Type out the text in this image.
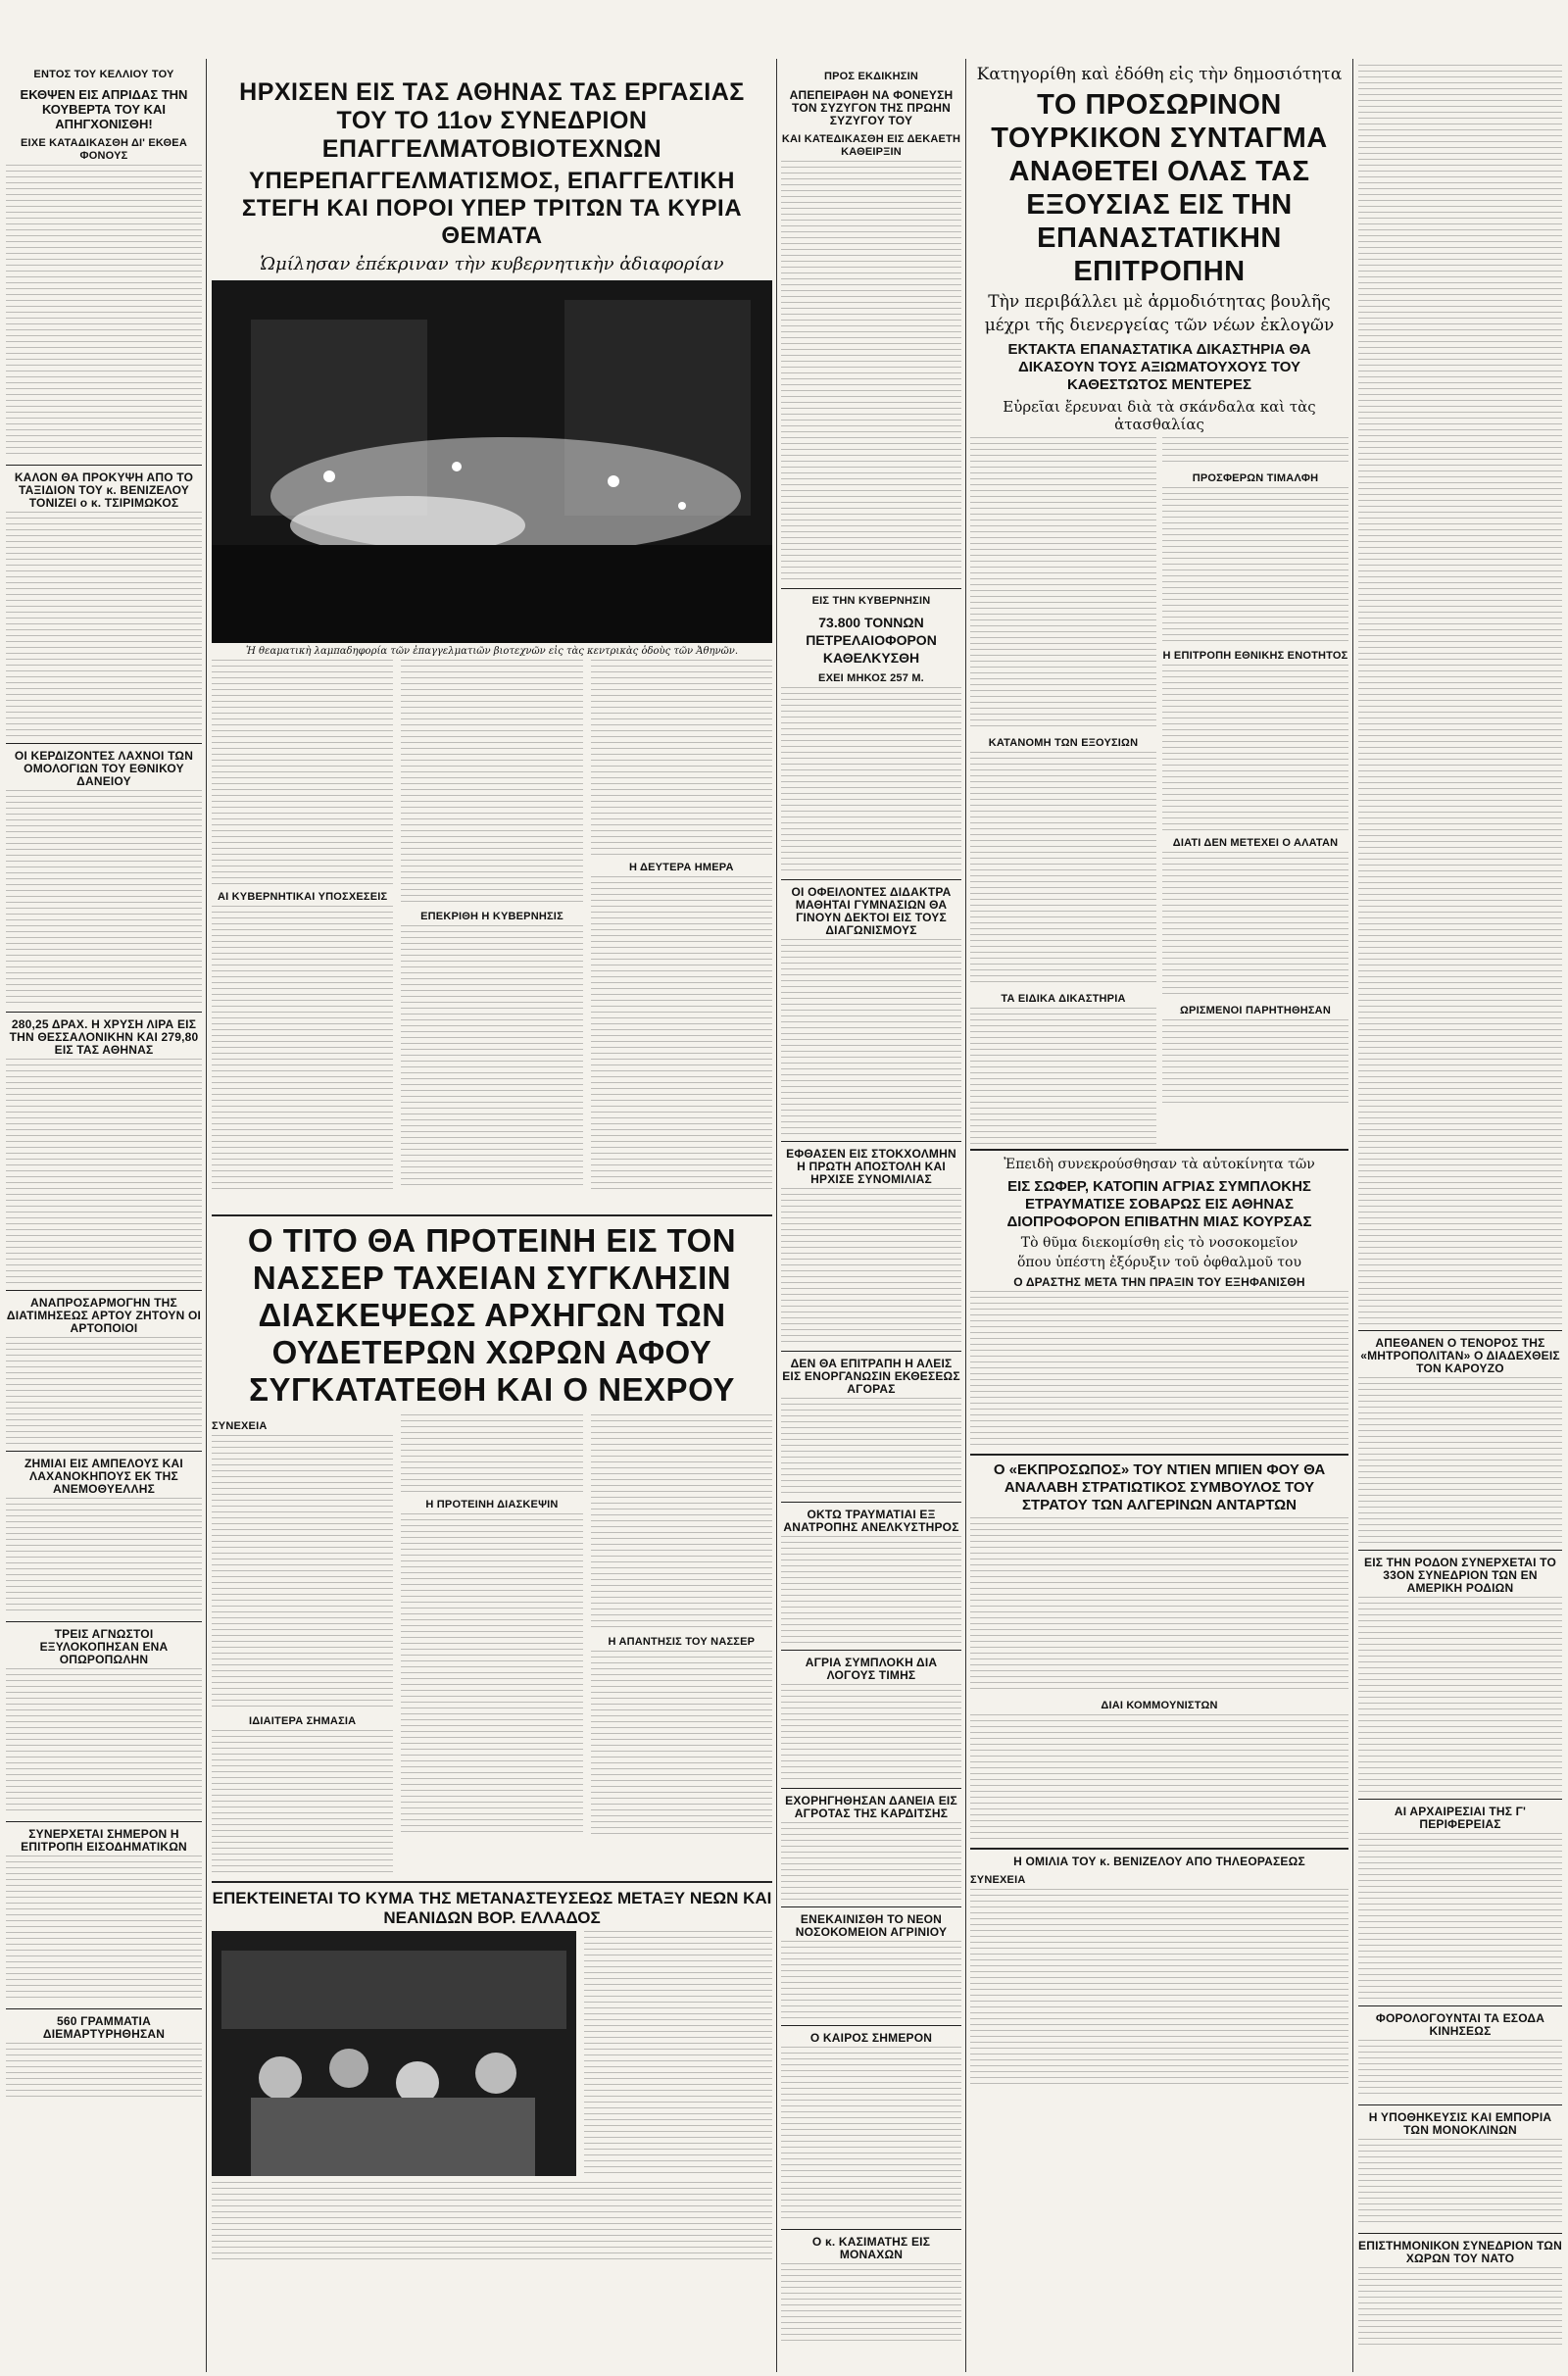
ΕΝΤΟΣ ΤΟΥ ΚΕΛΛΙΟΥ ΤΟΥ
ΕΚΘΨΕΝ ΕΙΣ ΑΠΡΙΔΑΣ ΤΗΝ ΚΟΥΒΕΡΤΑ ΤΟΥ ΚΑΙ ΑΠΗΓΧΟΝΙΣΘΗ!
ΕΙΧΕ ΚΑΤΑΔΙΚΑΣΘΗ ΔΙ' ΕΚΘΕΑ ΦΟΝΟΥΣ
ΚΑΛΟΝ ΘΑ ΠΡΟΚΥΨΗ ΑΠΟ ΤΟ ΤΑΞΙΔΙΟΝ ΤΟΥ κ. ΒΕΝΙΖΕΛΟΥ ΤΟΝΙΖΕΙ ο κ. ΤΣΙΡΙΜΩΚΟΣ
ΟΙ ΚΕΡΔΙΖΟΝΤΕΣ ΛΑΧΝΟΙ ΤΩΝ ΟΜΟΛΟΓΙΩΝ ΤΟΥ ΕΘΝΙΚΟΥ ΔΑΝΕΙΟΥ
280,25 ΔΡΑΧ. Η ΧΡΥΣΗ ΛΙΡΑ ΕΙΣ ΤΗΝ ΘΕΣΣΑΛΟΝΙΚΗΝ ΚΑΙ 279,80 ΕΙΣ ΤΑΣ ΑΘΗΝΑΣ
ΑΝΑΠΡΟΣΑΡΜΟΓΗΝ ΤΗΣ ΔΙΑΤΙΜΗΣΕΩΣ ΑΡΤΟΥ ΖΗΤΟΥΝ ΟΙ ΑΡΤΟΠΟΙΟΙ
ΖΗΜΙΑΙ ΕΙΣ ΑΜΠΕΛΟΥΣ ΚΑΙ ΛΑΧΑΝΟΚΗΠΟΥΣ ΕΚ ΤΗΣ ΑΝΕΜΟΘΥΕΛΛΗΣ
ΤΡΕΙΣ ΑΓΝΩΣΤΟΙ ΕΞΥΛΟΚΟΠΗΣΑΝ ΕΝΑ ΟΠΩΡΟΠΩΛΗΝ
ΣΥΝΕΡΧΕΤΑΙ ΣΗΜΕΡΟΝ Η ΕΠΙΤΡΟΠΗ ΕΙΣΟΔΗΜΑΤΙΚΩΝ
560 ΓΡΑΜΜΑΤΙΑ ΔΙΕΜΑΡΤΥΡΗΘΗΣΑΝ
ΗΡΧΙΣΕΝ ΕΙΣ ΤΑΣ ΑΘΗΝΑΣ ΤΑΣ ΕΡΓΑΣΙΑΣ ΤΟΥ ΤΟ 11ον ΣΥΝΕΔΡΙΟΝ ΕΠΑΓΓΕΛΜΑΤΟΒΙΟΤΕΧΝΩΝ
ΥΠΕΡΕΠΑΓΓΕΛΜΑΤΙΣΜΟΣ, ΕΠΑΓΓΕΛΤΙΚΗ ΣΤΕΓΗ ΚΑΙ ΠΟΡΟΙ ΥΠΕΡ ΤΡΙΤΩΝ ΤΑ ΚΥΡΙΑ ΘΕΜΑΤΑ
Ὡμίλησαν ἐπέκριναν τὴν κυβερνητικὴν ἀδιαφορίαν
Ἡ θεαματικὴ λαμπαδηφορία τῶν ἐπαγγελματιῶν βιοτεχνῶν εἰς τὰς κεντρικὰς ὁδοὺς τῶν Ἀθηνῶν.
ΑΙ ΚΥΒΕΡΝΗΤΙΚΑΙ ΥΠΟΣΧΕΣΕΙΣ
ΕΠΕΚΡΙΘΗ Η ΚΥΒΕΡΝΗΣΙΣ
Η ΔΕΥΤΕΡΑ ΗΜΕΡΑ
Ο ΤΙΤΟ ΘΑ ΠΡΟΤΕΙΝΗ ΕΙΣ ΤΟΝ ΝΑΣΣΕΡ ΤΑΧΕΙΑΝ ΣΥΓΚΛΗΣΙΝ ΔΙΑΣΚΕΨΕΩΣ ΑΡΧΗΓΩΝ ΤΩΝ ΟΥΔΕΤΕΡΩΝ ΧΩΡΩΝ ΑΦΟΥ ΣΥΓΚΑΤΑΤΕΘΗ ΚΑΙ Ο ΝΕΧΡΟΥ
ΣΥΝΕΧΕΙΑ
ΙΔΙΑΙΤΕΡΑ ΣΗΜΑΣΙΑ
Η ΠΡΟΤΕΙΝΗ ΔΙΑΣΚΕΨΙΝ
Η ΑΠΑΝΤΗΣΙΣ ΤΟΥ ΝΑΣΣΕΡ
ΕΠΕΚΤΕΙΝΕΤΑΙ ΤΟ ΚΥΜΑ ΤΗΣ ΜΕΤΑΝΑΣΤΕΥΣΕΩΣ ΜΕΤΑΞΥ ΝΕΩΝ ΚΑΙ ΝΕΑΝΙΔΩΝ ΒΟΡ. ΕΛΛΑΔΟΣ
ΠΡΟΣ ΕΚΔΙΚΗΣΙΝ
ΑΠΕΠΕΙΡΑΘΗ ΝΑ ΦΟΝΕΥΣΗ ΤΟΝ ΣΥΖΥΓΟΝ ΤΗΣ ΠΡΩΗΝ ΣΥΖΥΓΟΥ ΤΟΥ
ΚΑΙ ΚΑΤΕΔΙΚΑΣΘΗ ΕΙΣ ΔΕΚΑΕΤΗ ΚΑΘΕΙΡΞΙΝ
ΕΙΣ ΤΗΝ ΚΥΒΕΡΝΗΣΙΝ
73.800 ΤΟΝΝΩΝ ΠΕΤΡΕΛΑΙΟΦΟΡΟΝ ΚΑΘΕΛΚΥΣΘΗ
ΕΧΕΙ ΜΗΚΟΣ 257 Μ.
ΟΙ ΟΦΕΙΛΟΝΤΕΣ ΔΙΔΑΚΤΡΑ ΜΑΘΗΤΑΙ ΓΥΜΝΑΣΙΩΝ ΘΑ ΓΙΝΟΥΝ ΔΕΚΤΟΙ ΕΙΣ ΤΟΥΣ ΔΙΑΓΩΝΙΣΜΟΥΣ
ΕΦΘΑΣΕΝ ΕΙΣ ΣΤΟΚΧΟΛΜΗΝ Η ΠΡΩΤΗ ΑΠΟΣΤΟΛΗ ΚΑΙ ΗΡΧΙΣΕ ΣΥΝΟΜΙΛΙΑΣ
ΔΕΝ ΘΑ ΕΠΙΤΡΑΠΗ Η ΑΛΕΙΣ ΕΙΣ ΕΝΟΡΓΑΝΩΣΙΝ ΕΚΘΕΣΕΩΣ ΑΓΟΡΑΣ
ΟΚΤΩ ΤΡΑΥΜΑΤΙΑΙ ΕΞ ΑΝΑΤΡΟΠΗΣ ΑΝΕΛΚΥΣΤΗΡΟΣ
ΑΓΡΙΑ ΣΥΜΠΛΟΚΗ ΔΙΑ ΛΟΓΟΥΣ ΤΙΜΗΣ
ΕΧΟΡΗΓΗΘΗΣΑΝ ΔΑΝΕΙΑ ΕΙΣ ΑΓΡΟΤΑΣ ΤΗΣ ΚΑΡΔΙΤΣΗΣ
ΕΝΕΚΑΙΝΙΣΘΗ ΤΟ ΝΕΟΝ ΝΟΣΟΚΟΜΕΙΟΝ ΑΓΡΙΝΙΟΥ
Ο ΚΑΙΡΟΣ ΣΗΜΕΡΟΝ
Ο κ. ΚΑΣΙΜΑΤΗΣ ΕΙΣ ΜΟΝΑΧΩΝ
Κατηγορίθη καὶ ἐδόθη εἰς τὴν δημοσιότητα
ΤΟ ΠΡΟΣΩΡΙΝΟΝ ΤΟΥΡΚΙΚΟΝ ΣΥΝΤΑΓΜΑ ΑΝΑΘΕΤΕΙ ΟΛΑΣ ΤΑΣ ΕΞΟΥΣΙΑΣ ΕΙΣ ΤΗΝ ΕΠΑΝΑΣΤΑΤΙΚΗΝ ΕΠΙΤΡΟΠΗΝ
Τὴν περιβάλλει μὲ ἁρμοδιότητας βουλῆς
μέχρι τῆς διενεργείας τῶν νέων ἐκλογῶν
ΕΚΤΑΚΤΑ ΕΠΑΝΑΣΤΑΤΙΚΑ ΔΙΚΑΣΤΗΡΙΑ ΘΑ ΔΙΚΑΣΟΥΝ ΤΟΥΣ ΑΞΙΩΜΑΤΟΥΧΟΥΣ ΤΟΥ ΚΑΘΕΣΤΩΤΟΣ ΜΕΝΤΕΡΕΣ
Εὐρεῖαι ἔρευναι διὰ τὰ σκάνδαλα καὶ τὰς ἀτασθαλίας
ΚΑΤΑΝΟΜΗ ΤΩΝ ΕΞΟΥΣΙΩΝ
ΤΑ ΕΙΔΙΚΑ ΔΙΚΑΣΤΗΡΙΑ
ΠΡΟΣΦΕΡΩΝ ΤΙΜΑΛΦΗ
Η ΕΠΙΤΡΟΠΗ ΕΘΝΙΚΗΣ ΕΝΟΤΗΤΟΣ
ΔΙΑΤΙ ΔΕΝ ΜΕΤΕΧΕΙ Ο ΑΛΑΤΑΝ
ΩΡΙΣΜΕΝΟΙ ΠΑΡΗΤΗΘΗΣΑΝ
Ἐπειδὴ συνεκρούσθησαν τὰ αὐτοκίνητα τῶν
ΕΙΣ ΣΩΦΕΡ, ΚΑΤΟΠΙΝ ΑΓΡΙΑΣ ΣΥΜΠΛΟΚΗΣ ΕΤΡΑΥΜΑΤΙΣΕ ΣΟΒΑΡΩΣ ΕΙΣ ΑΘΗΝΑΣ ΔΙΟΠΡΟΦΟΡΟΝ ΕΠΙΒΑΤΗΝ ΜΙΑΣ ΚΟΥΡΣΑΣ
Τὸ θῦμα διεκομίσθη εἰς τὸ νοσοκομεῖον
ὅπου ὑπέστη ἐξόρυξιν τοῦ ὀφθαλμοῦ του
Ο ΔΡΑΣΤΗΣ ΜΕΤΑ ΤΗΝ ΠΡΑΞΙΝ ΤΟΥ ΕΞΗΦΑΝΙΣΘΗ
Ο «ΕΚΠΡΟΣΩΠΟΣ» ΤΟΥ ΝΤΙΕΝ ΜΠΙΕΝ ΦΟΥ ΘΑ ΑΝΑΛΑΒΗ ΣΤΡΑΤΙΩΤΙΚΟΣ ΣΥΜΒΟΥΛΟΣ ΤΟΥ ΣΤΡΑΤΟΥ ΤΩΝ ΑΛΓΕΡΙΝΩΝ ΑΝΤΑΡΤΩΝ
ΔΙΑΙ ΚΟΜΜΟΥΝΙΣΤΩΝ
Η ΟΜΙΛΙΑ ΤΟΥ κ. ΒΕΝΙΖΕΛΟΥ ΑΠΟ ΤΗΛΕΟΡΑΣΕΩΣ
ΣΥΝΕΧΕΙΑ
ΑΠΕΘΑΝΕΝ Ο ΤΕΝΟΡΟΣ ΤΗΣ «ΜΗΤΡΟΠΟΛΙΤΑΝ» Ο ΔΙΑΔΕΧΘΕΙΣ ΤΟΝ ΚΑΡΟΥΖΟ
ΕΙΣ ΤΗΝ ΡΟΔΟΝ ΣΥΝΕΡΧΕΤΑΙ ΤΟ 33ΟΝ ΣΥΝΕΔΡΙΟΝ ΤΩΝ ΕΝ ΑΜΕΡΙΚΗ ΡΟΔΙΩΝ
ΑΙ ΑΡΧΑΙΡΕΣΙΑΙ ΤΗΣ Γ' ΠΕΡΙΦΕΡΕΙΑΣ
ΦΟΡΟΛΟΓΟΥΝΤΑΙ ΤΑ ΕΣΟΔΑ ΚΙΝΗΣΕΩΣ
Η ΥΠΟΘΗΚΕΥΣΙΣ ΚΑΙ ΕΜΠΟΡΙΑ ΤΩΝ ΜΟΝΟΚΛΙΝΩΝ
ΕΠΙΣΤΗΜΟΝΙΚΟΝ ΣΥΝΕΔΡΙΟΝ ΤΩΝ ΧΩΡΩΝ ΤΟΥ ΝΑΤΟ
